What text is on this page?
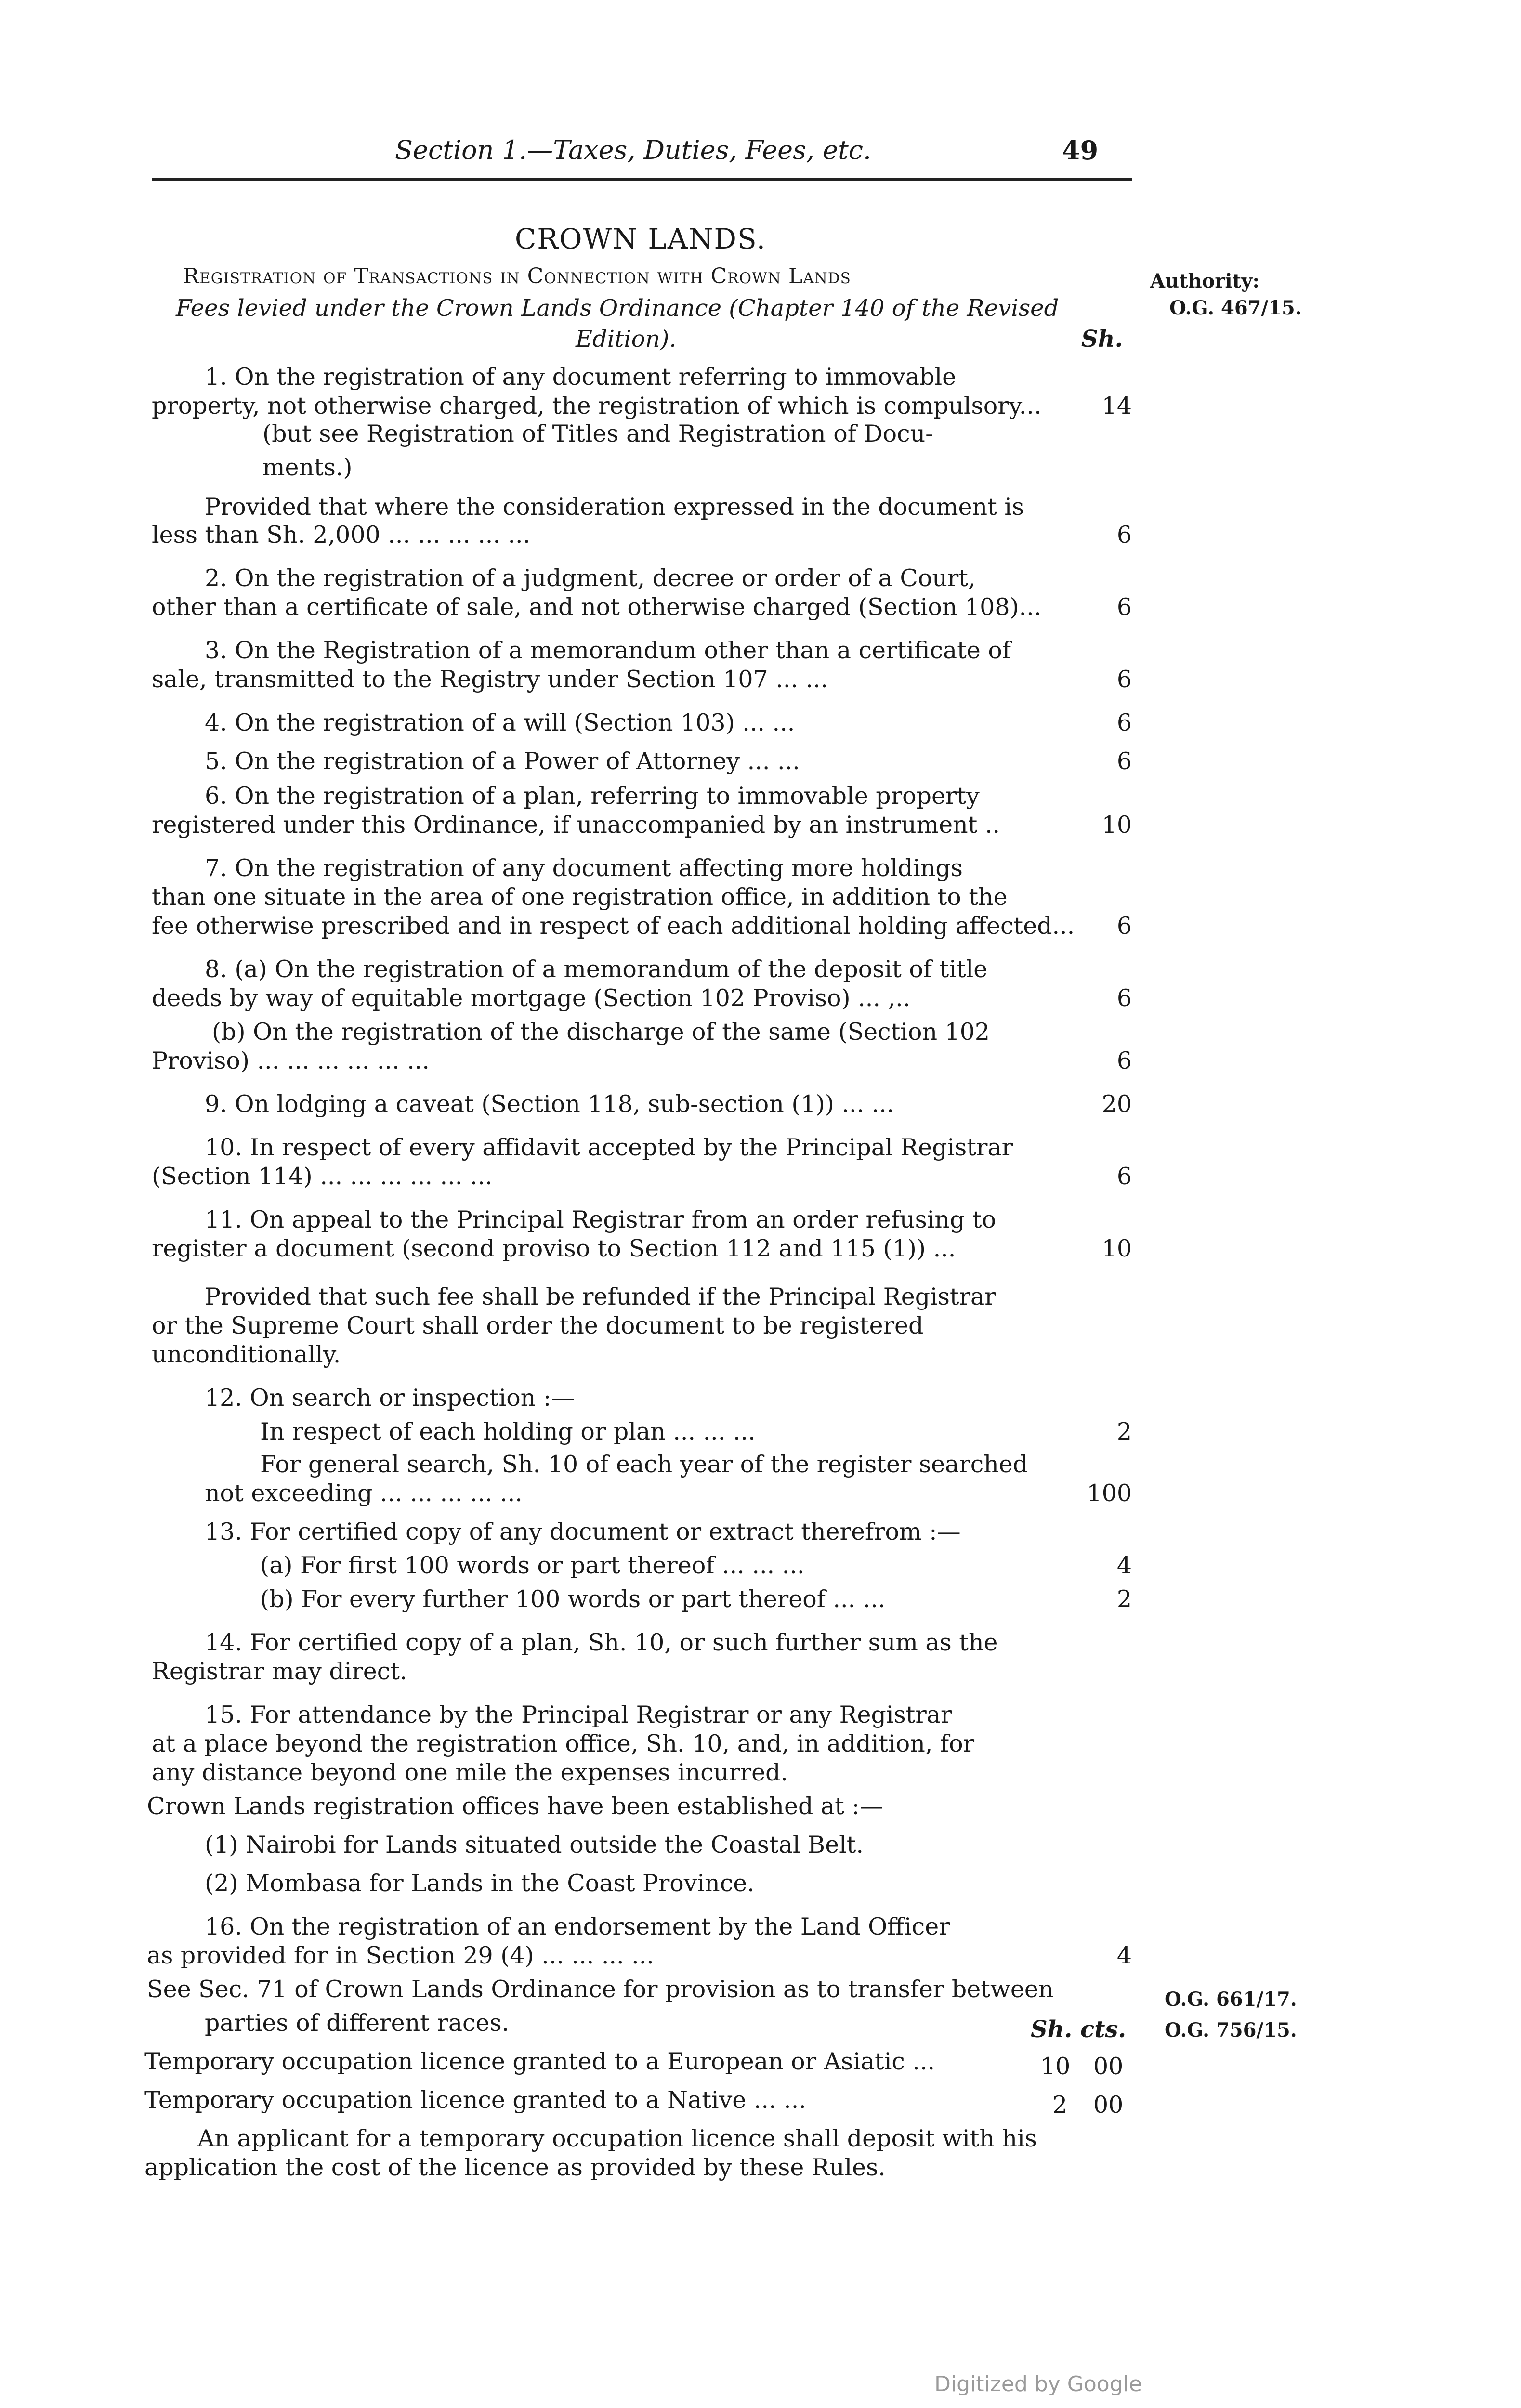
Section 1.—Taxes, Duties, Fees, etc.	49
CROWN LANDS.
Registration of Transactions in Connection with Crown Lands
Fees levied under the Crown Lands Ordinance (Chapter 140 of the Revised
Edition).	Sh.
Authority:
O.G. 467/15.
1. On the registration of any document referring to immovable
property, not otherwise charged, the registration of which is compulsory...	14
(but see Registration of Titles and Registration of Docu-
ments.)
Provided that where the consideration expressed in the document is
less than Sh. 2,000 ... ... ... ... ...	6
2. On the registration of a judgment, decree or order of a Court,
other than a certificate of sale, and not otherwise charged (Section 108)...	6
3. On the Registration of a memorandum other than a certificate of
sale, transmitted to the Registry under Section 107 ... ...	6
4. On the registration of a will (Section 103) ... ...	6
5. On the registration of a Power of Attorney ... ...	6
6. On the registration of a plan, referring to immovable property
registered under this Ordinance, if unaccompanied by an instrument ..	10
7. On the registration of any document affecting more holdings
than one situate in the area of one registration office, in addition to the
fee otherwise prescribed and in respect of each additional holding affected...	6
8. (a) On the registration of a memorandum of the deposit of title
deeds by way of equitable mortgage (Section 102 Proviso) ... ,..	6
(b) On the registration of the discharge of the same (Section 102
Proviso) ... ... ... ... ... ...	6
9. On lodging a caveat (Section 118, sub-section (1)) ... ...	20
10. In respect of every affidavit accepted by the Principal Registrar
(Section 114) ... ... ... ... ... ...	6
11. On appeal to the Principal Registrar from an order refusing to
register a document (second proviso to Section 112 and 115 (1)) ...	10
Provided that such fee shall be refunded if the Principal Registrar
or the Supreme Court shall order the document to be registered
unconditionally.
12. On search or inspection :—
In respect of each holding or plan ... ... ...	2
For general search, Sh. 10 of each year of the register searched
not exceeding ... ... ... ... ...	100
13. For certified copy of any document or extract therefrom :—
(a) For first 100 words or part thereof ... ... ...	4
(b) For every further 100 words or part thereof ... ...	2
14. For certified copy of a plan, Sh. 10, or such further sum as the
Registrar may direct.
15. For attendance by the Principal Registrar or any Registrar
at a place beyond the registration office, Sh. 10, and, in addition, for
any distance beyond one mile the expenses incurred.
Crown Lands registration offices have been established at :—
(1) Nairobi for Lands situated outside the Coastal Belt.
(2) Mombasa for Lands in the Coast Province.
16. On the registration of an endorsement by the Land Officer
as provided for in Section 29 (4) ... ... ... ...	4
O.G. 661/17.
O.G. 756/15.
See Sec. 71 of Crown Lands Ordinance for provision as to transfer between
parties of different races.	Sh. cts.
Temporary occupation licence granted to a European or Asiatic ...	10 00
Temporary occupation licence granted to a Native ... ...	2 00
An applicant for a temporary occupation licence shall deposit with his
application the cost of the licence as provided by these Rules.
Digitized by Google
